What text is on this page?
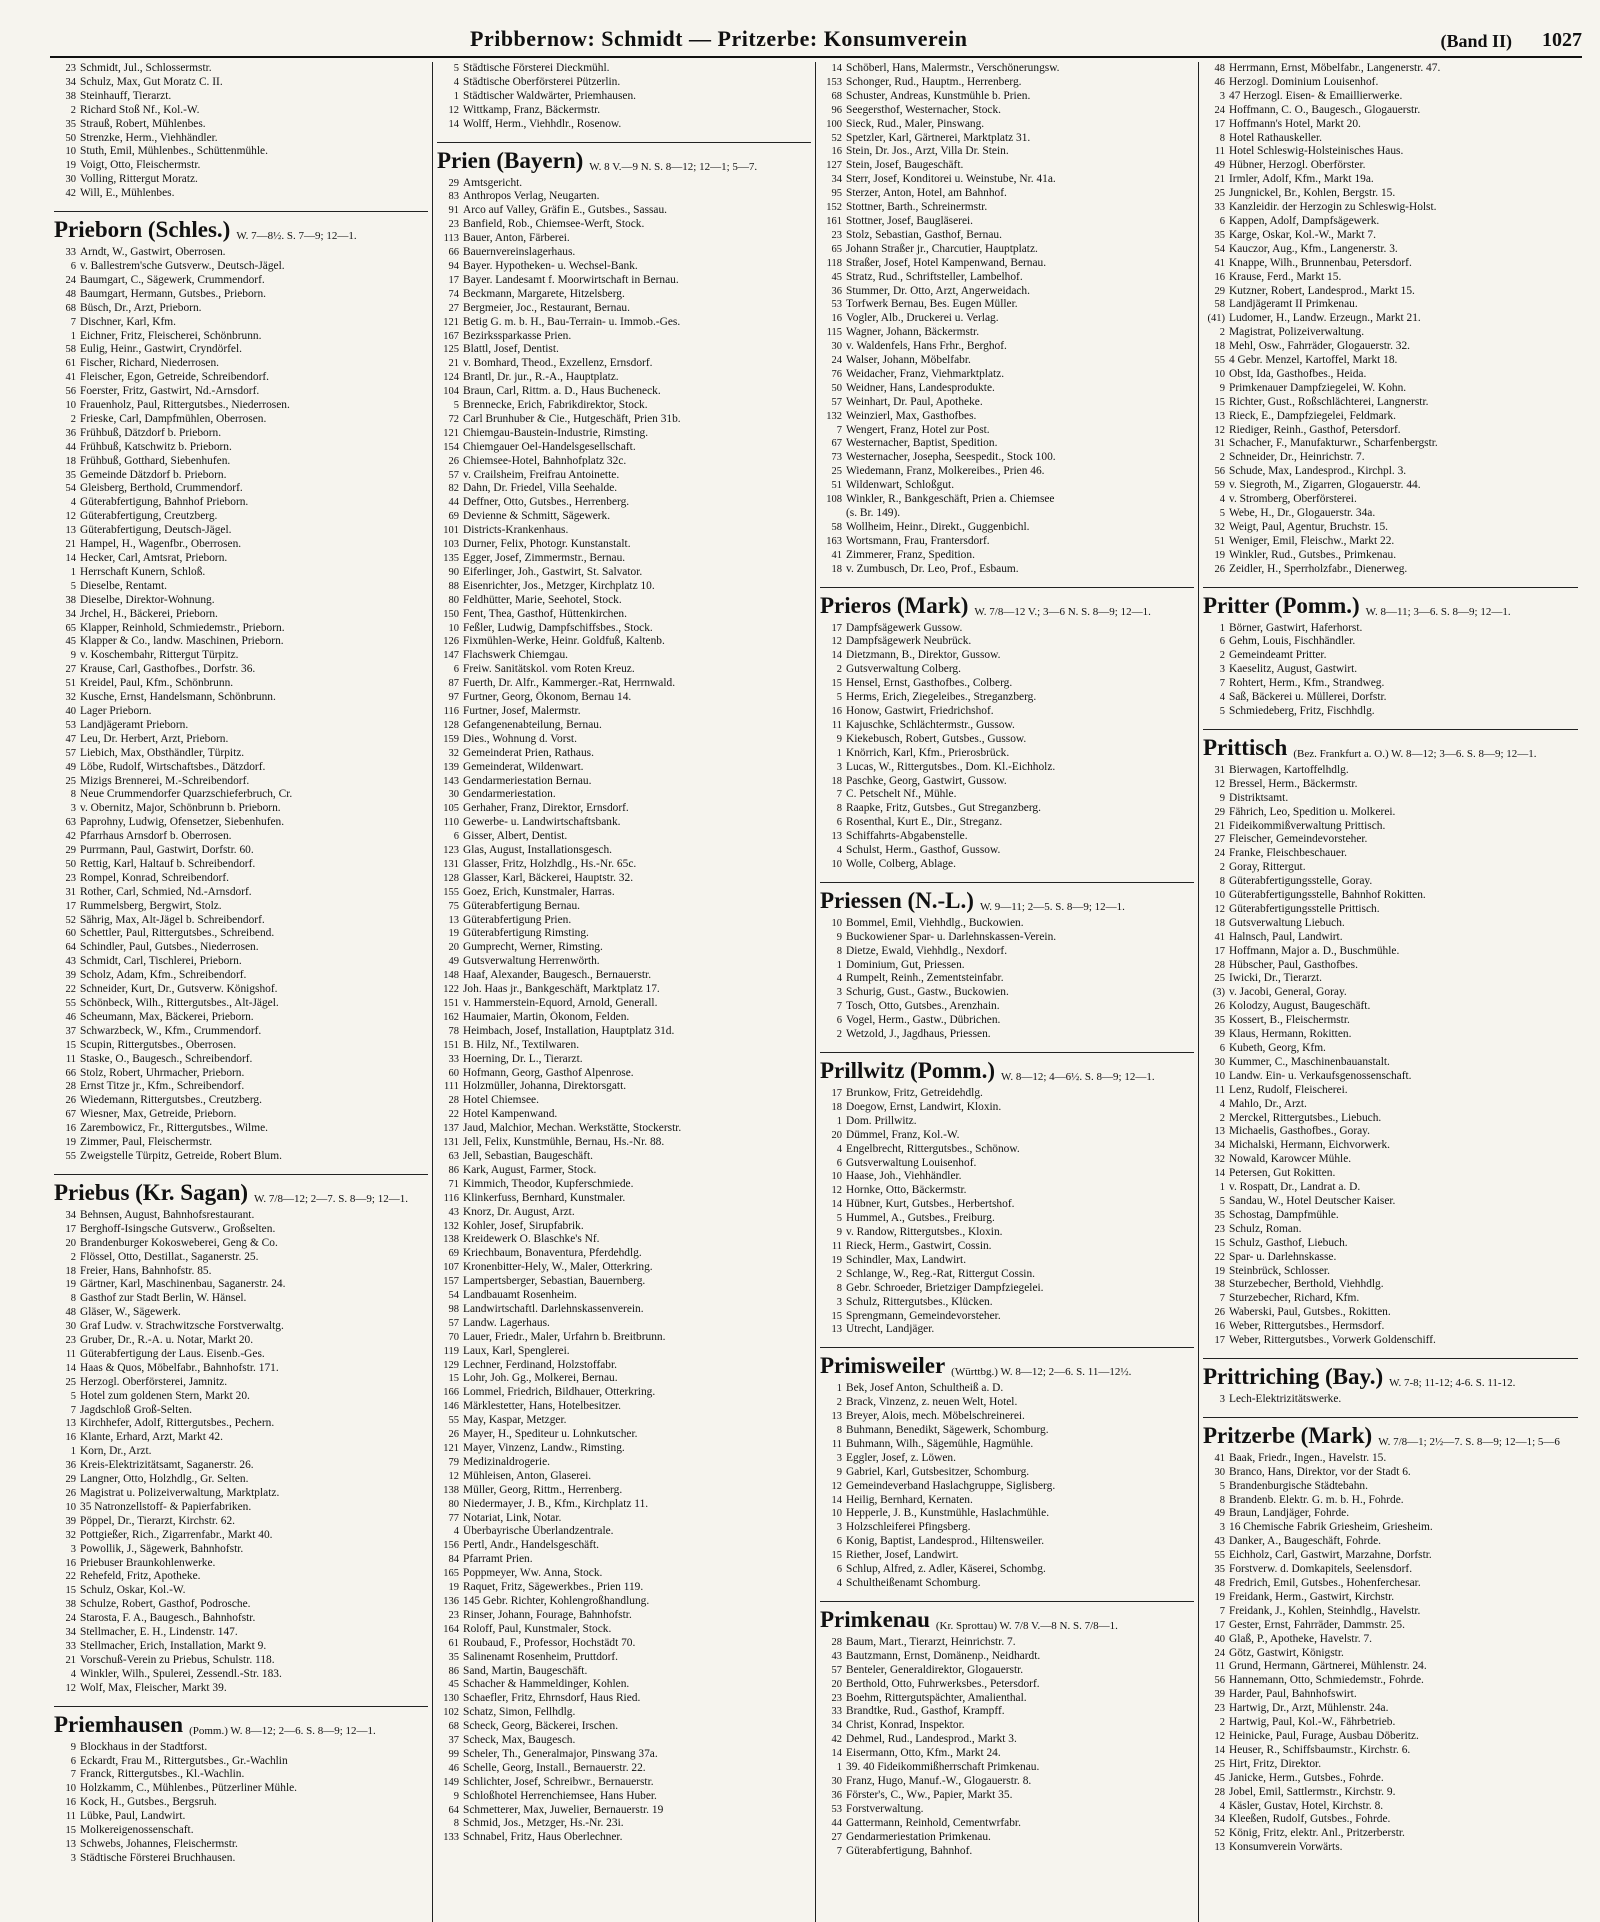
Pribbernow: Schmidt — Pritzerbe: Konsumverein	(Band II) 1027
23 Schmidt, Jul., Schlossermstr.
34 Schulz, Max, Gut Moratz C. II.
38 Steinhauff, Tierarzt.
2 Richard Stoß Nf., Kol.-W.
35 Strauß, Robert, Mühlenbes.
50 Strenzke, Herm., Viehhändler.
10 Stuth, Emil, Mühlenbes., Schüttenmühle.
19 Voigt, Otto, Fleischermstr.
30 Volling, Rittergut Moratz.
42 Will, E., Mühlenbes.
Prieborn (Schles.) W. 7—8½. S. 7—9; 12—1.
33 Arndt, W., Gastwirt, Oberrosen.
6 v. Ballestrem'sche Gutsverw., Deutsch-Jägel.
24 Baumgart, C., Sägewerk, Crummendorf.
48 Baumgart, Hermann, Gutsbes., Prieborn.
68 Büsch, Dr., Arzt, Prieborn.
7 Dischner, Karl, Kfm.
1 Eichner, Fritz, Fleischerei, Schönbrunn.
58 Eulig, Heinr., Gastwirt, Cryndörfel.
61 Fischer, Richard, Niederrosen.
41 Fleischer, Egon, Getreide, Schreibendorf.
56 Foerster, Fritz, Gastwirt, Nd.-Arnsdorf.
10 Frauenholz, Paul, Rittergutsbes., Niederrosen.
2 Frieske, Carl, Dampfmühlen, Oberrosen.
36 Frühbuß, Dätzdorf b. Prieborn.
44 Frühbuß, Katschwitz b. Prieborn.
18 Frühbuß, Gotthard, Siebenhufen.
35 Gemeinde Dätzdorf b. Prieborn.
54 Gleisberg, Berthold, Crummendorf.
4 Güterabfertigung, Bahnhof Prieborn.
12 Güterabfertigung, Creutzberg.
13 Güterabfertigung, Deutsch-Jägel.
21 Hampel, H., Wagenfbr., Oberrosen.
14 Hecker, Carl, Amtsrat, Prieborn.
1 Herrschaft Kunern, Schloß.
5 Dieselbe, Rentamt.
38 Dieselbe, Direktor-Wohnung.
34 Jrchel, H., Bäckerei, Prieborn.
65 Klapper, Reinhold, Schmiedemstr., Prieborn.
45 Klapper & Co., landw. Maschinen, Prieborn.
9 v. Koschembahr, Rittergut Türpitz.
27 Krause, Carl, Gasthofbes., Dorfstr. 36.
51 Kreidel, Paul, Kfm., Schönbrunn.
32 Kusche, Ernst, Handelsmann, Schönbrunn.
40 Lager Prieborn.
53 Landjägeramt Prieborn.
47 Leu, Dr. Herbert, Arzt, Prieborn.
57 Liebich, Max, Obsthändler, Türpitz.
49 Löbe, Rudolf, Wirtschaftsbes., Dätzdorf.
25 Mizigs Brennerei, M.-Schreibendorf.
8 Neue Crummendorfer Quarzschieferbruch, Cr.
3 v. Obernitz, Major, Schönbrunn b. Prieborn.
63 Paprohny, Ludwig, Ofensetzer, Siebenhufen.
42 Pfarrhaus Arnsdorf b. Oberrosen.
29 Purrmann, Paul, Gastwirt, Dorfstr. 60.
50 Rettig, Karl, Haltauf b. Schreibendorf.
23 Rompel, Konrad, Schreibendorf.
31 Rother, Carl, Schmied, Nd.-Arnsdorf.
17 Rummelsberg, Bergwirt, Stolz.
52 Sährig, Max, Alt-Jägel b. Schreibendorf.
60 Schettler, Paul, Rittergutsbes., Schreibend.
64 Schindler, Paul, Gutsbes., Niederrosen.
43 Schmidt, Carl, Tischlerei, Prieborn.
39 Scholz, Adam, Kfm., Schreibendorf.
22 Schneider, Kurt, Dr., Gutsverw. Königshof.
55 Schönbeck, Wilh., Rittergutsbes., Alt-Jägel.
46 Scheumann, Max, Bäckerei, Prieborn.
37 Schwarzbeck, W., Kfm., Crummendorf.
15 Scupin, Rittergutsbes., Oberrosen.
11 Staske, O., Baugesch., Schreibendorf.
66 Stolz, Robert, Uhrmacher, Prieborn.
28 Ernst Titze jr., Kfm., Schreibendorf.
26 Wiedemann, Rittergutsbes., Creutzberg.
67 Wiesner, Max, Getreide, Prieborn.
16 Zarembowicz, Fr., Rittergutsbes., Wilme.
19 Zimmer, Paul, Fleischermstr.
55 Zweigstelle Türpitz, Getreide, Robert Blum.
Priebus (Kr. Sagan) W. 7/8—12; 2—7. S. 8—9; 12—1.
34 Behnsen, August, Bahnhofsrestaurant.
17 Berghoff-Isingsche Gutsverw., Großselten.
20 Brandenburger Kokosweberei, Geng & Co.
2 Flössel, Otto, Destillat., Saganerstr. 25.
18 Freier, Hans, Bahnhofstr. 85.
19 Gärtner, Karl, Maschinenbau, Saganerstr. 24.
8 Gasthof zur Stadt Berlin, W. Hänsel.
48 Gläser, W., Sägewerk.
30 Graf Ludw. v. Strachwitzsche Forstverwaltg.
23 Gruber, Dr., R.-A. u. Notar, Markt 20.
11 Güterabfertigung der Laus. Eisenb.-Ges.
14 Haas & Quos, Möbelfabr., Bahnhofstr. 171.
25 Herzogl. Oberförsterei, Jamnitz.
5 Hotel zum goldenen Stern, Markt 20.
7 Jagdschloß Groß-Selten.
13 Kirchhefer, Adolf, Rittergutsbes., Pechern.
16 Klante, Erhard, Arzt, Markt 42.
1 Korn, Dr., Arzt.
36 Kreis-Elektrizitätsamt, Saganerstr. 26.
29 Langner, Otto, Holzhdlg., Gr. Selten.
26 Magistrat u. Polizeiverwaltung, Marktplatz.
10 35 Natronzellstoff- & Papierfabriken.
39 Pöppel, Dr., Tierarzt, Kirchstr. 62.
32 Pottgießer, Rich., Zigarrenfabr., Markt 40.
3 Powollik, J., Sägewerk, Bahnhofstr.
16 Priebuser Braunkohlenwerke.
22 Rehefeld, Fritz, Apotheke.
15 Schulz, Oskar, Kol.-W.
38 Schulze, Robert, Gasthof, Podrosche.
24 Starosta, F. A., Baugesch., Bahnhofstr.
34 Stellmacher, E. H., Lindenstr. 147.
33 Stellmacher, Erich, Installation, Markt 9.
21 Vorschuß-Verein zu Priebus, Schulstr. 118.
4 Winkler, Wilh., Spulerei, Zessendl.-Str. 183.
12 Wolf, Max, Fleischer, Markt 39.
Priemhausen (Pomm.) W. 8—12; 2—6. S. 8—9; 12—1.
9 Blockhaus in der Stadtforst.
6 Eckardt, Frau M., Rittergutsbes., Gr.-Wachlin
7 Franck, Rittergutsbes., Kl.-Wachlin.
10 Holzkamm, C., Mühlenbes., Pützerliner Mühle.
16 Kock, H., Gutsbes., Bergsruh.
11 Lübke, Paul, Landwirt.
15 Molkereigenossenschaft.
13 Schwebs, Johannes, Fleischermstr.
3 Städtische Försterei Bruchhausen.
5 Städtische Försterei Dieckmühl.
4 Städtische Oberförsterei Pützerlin.
1 Städtischer Waldwärter, Priemhausen.
12 Wittkamp, Franz, Bäckermstr.
14 Wolff, Herm., Viehhdlr., Rosenow.
Prien (Bayern) W. 8 V.—9 N. S. 8—12; 12—1; 5—7.
29 Amtsgericht.
83 Anthropos Verlag, Neugarten.
91 Arco auf Valley, Gräfin E., Gutsbes., Sassau.
23 Banfield, Rob., Chiemsee-Werft, Stock.
113 Bauer, Anton, Färberei.
66 Bauernvereinslagerhaus.
94 Bayer. Hypotheken- u. Wechsel-Bank.
17 Bayer. Landesamt f. Moorwirtschaft in Bernau.
74 Beckmann, Margarete, Hitzelsberg.
27 Bergmeier, Joc., Restaurant, Bernau.
121 Betig G. m. b. H., Bau-Terrain- u. Immob.-Ges.
167 Bezirkssparkasse Prien.
125 Blattl, Josef, Dentist.
21 v. Bomhard, Theod., Exzellenz, Ernsdorf.
124 Brantl, Dr. jur., R.-A., Hauptplatz.
104 Braun, Carl, Rittm. a. D., Haus Bucheneck.
5 Brennecke, Erich, Fabrikdirektor, Stock.
72 Carl Brunhuber & Cie., Hutgeschäft, Prien 31b.
121 Chiemgau-Baustein-Industrie, Rimsting.
154 Chiemgauer Oel-Handelsgesellschaft.
26 Chiemsee-Hotel, Bahnhofplatz 32c.
57 v. Crailsheim, Freifrau Antoinette.
82 Dahn, Dr. Friedel, Villa Seehalde.
44 Deffner, Otto, Gutsbes., Herrenberg.
69 Devienne & Schmitt, Sägewerk.
101 Districts-Krankenhaus.
103 Durner, Felix, Photogr. Kunstanstalt.
135 Egger, Josef, Zimmermstr., Bernau.
90 Eiferlinger, Joh., Gastwirt, St. Salvator.
88 Eisenrichter, Jos., Metzger, Kirchplatz 10.
80 Feldhütter, Marie, Seehotel, Stock.
150 Fent, Thea, Gasthof, Hüttenkirchen.
10 Feßler, Ludwig, Dampfschiffsbes., Stock.
126 Fixmühlen-Werke, Heinr. Goldfuß, Kaltenb.
147 Flachswerk Chiemgau.
6 Freiw. Sanitätskol. vom Roten Kreuz.
87 Fuerth, Dr. Alfr., Kammerger.-Rat, Herrnwald.
97 Furtner, Georg, Ökonom, Bernau 14.
116 Furtner, Josef, Malermstr.
128 Gefangenenabteilung, Bernau.
159 Dies., Wohnung d. Vorst.
32 Gemeinderat Prien, Rathaus.
139 Gemeinderat, Wildenwart.
143 Gendarmeriestation Bernau.
30 Gendarmeriestation.
105 Gerhaher, Franz, Direktor, Ernsdorf.
110 Gewerbe- u. Landwirtschaftsbank.
6 Gisser, Albert, Dentist.
123 Glas, August, Installationsgesch.
131 Glasser, Fritz, Holzhdlg., Hs.-Nr. 65c.
128 Glasser, Karl, Bäckerei, Hauptstr. 32.
155 Goez, Erich, Kunstmaler, Harras.
75 Güterabfertigung Bernau.
13 Güterabfertigung Prien.
19 Güterabfertigung Rimsting.
20 Gumprecht, Werner, Rimsting.
49 Gutsverwaltung Herrenwörth.
148 Haaf, Alexander, Baugesch., Bernauerstr.
122 Joh. Haas jr., Bankgeschäft, Marktplatz 17.
151 v. Hammerstein-Equord, Arnold, Generall.
162 Haumaier, Martin, Ökonom, Felden.
78 Heimbach, Josef, Installation, Hauptplatz 31d.
151 B. Hilz, Nf., Textilwaren.
33 Hoerning, Dr. L., Tierarzt.
60 Hofmann, Georg, Gasthof Alpenrose.
111 Holzmüller, Johanna, Direktorsgatt.
28 Hotel Chiemsee.
22 Hotel Kampenwand.
137 Jaud, Malchior, Mechan. Werkstätte, Stockerstr.
131 Jell, Felix, Kunstmühle, Bernau, Hs.-Nr. 88.
63 Jell, Sebastian, Baugeschäft.
86 Kark, August, Farmer, Stock.
71 Kimmich, Theodor, Kupferschmiede.
116 Klinkerfuss, Bernhard, Kunstmaler.
43 Knorz, Dr. August, Arzt.
132 Kohler, Josef, Sirupfabrik.
138 Kreidewerk O. Blaschke's Nf.
69 Kriechbaum, Bonaventura, Pferdehdlg.
107 Kronenbitter-Hely, W., Maler, Otterkring.
157 Lampertsberger, Sebastian, Bauernberg.
54 Landbauamt Rosenheim.
98 Landwirtschaftl. Darlehnskassenverein.
57 Landw. Lagerhaus.
70 Lauer, Friedr., Maler, Urfahrn b. Breitbrunn.
119 Laux, Karl, Spenglerei.
129 Lechner, Ferdinand, Holzstoffabr.
15 Lohr, Joh. Gg., Molkerei, Bernau.
166 Lommel, Friedrich, Bildhauer, Otterkring.
146 Märklestetter, Hans, Hotelbesitzer.
55 May, Kaspar, Metzger.
26 Mayer, H., Spediteur u. Lohnkutscher.
121 Mayer, Vinzenz, Landw., Rimsting.
79 Medizinaldrogerie.
12 Mühleisen, Anton, Glaserei.
138 Müller, Georg, Rittm., Herrenberg.
80 Niedermayer, J. B., Kfm., Kirchplatz 11.
77 Notariat, Link, Notar.
4 Überbayrische Überlandzentrale.
156 Pertl, Andr., Handelsgeschäft.
84 Pfarramt Prien.
165 Poppmeyer, Ww. Anna, Stock.
19 Raquet, Fritz, Sägewerkbes., Prien 119.
136 145 Gebr. Richter, Kohlengroßhandlung.
23 Rinser, Johann, Fourage, Bahnhofstr.
164 Roloff, Paul, Kunstmaler, Stock.
61 Roubaud, F., Professor, Hochstädt 70.
35 Salinenamt Rosenheim, Pruttdorf.
86 Sand, Martin, Baugeschäft.
45 Schacher & Hammeldinger, Kohlen.
130 Schaefler, Fritz, Ehrnsdorf, Haus Ried.
102 Schatz, Simon, Fellhdlg.
68 Scheck, Georg, Bäckerei, Irschen.
37 Scheck, Max, Baugesch.
99 Scheler, Th., Generalmajor, Pinswang 37a.
46 Schelle, Georg, Install., Bernauerstr. 22.
149 Schlichter, Josef, Schreibwr., Bernauerstr.
9 Schloßhotel Herrenchiemsee, Hans Huber.
64 Schmetterer, Max, Juwelier, Bernauerstr. 19
8 Schmid, Jos., Metzger, Hs.-Nr. 23i.
133 Schnabel, Fritz, Haus Oberlechner.
14 Schöberl, Hans, Malermstr., Verschönerungsw.
153 Schonger, Rud., Hauptm., Herrenberg.
68 Schuster, Andreas, Kunstmühle b. Prien.
96 Seegersthof, Westernacher, Stock.
100 Sieck, Rud., Maler, Pinswang.
52 Spetzler, Karl, Gärtnerei, Marktplatz 31.
16 Stein, Dr. Jos., Arzt, Villa Dr. Stein.
127 Stein, Josef, Baugeschäft.
34 Sterr, Josef, Konditorei u. Weinstube, Nr. 41a.
95 Sterzer, Anton, Hotel, am Bahnhof.
152 Stottner, Barth., Schreinermstr.
161 Stottner, Josef, Baugläserei.
23 Stolz, Sebastian, Gasthof, Bernau.
65 Johann Straßer jr., Charcutier, Hauptplatz.
118 Straßer, Josef, Hotel Kampenwand, Bernau.
45 Stratz, Rud., Schriftsteller, Lambelhof.
36 Stummer, Dr. Otto, Arzt, Angerweidach.
53 Torfwerk Bernau, Bes. Eugen Müller.
16 Vogler, Alb., Druckerei u. Verlag.
115 Wagner, Johann, Bäckermstr.
30 v. Waldenfels, Hans Frhr., Berghof.
24 Walser, Johann, Möbelfabr.
76 Weidacher, Franz, Viehmarktplatz.
50 Weidner, Hans, Landesprodukte.
57 Weinhart, Dr. Paul, Apotheke.
132 Weinzierl, Max, Gasthofbes.
7 Wengert, Franz, Hotel zur Post.
67 Westernacher, Baptist, Spedition.
73 Westernacher, Josepha, Seespedit., Stock 100.
25 Wiedemann, Franz, Molkereibes., Prien 46.
51 Wildenwart, Schloßgut.
108 Winkler, R., Bankgeschäft, Prien a. Chiemsee
(s. Br. 149).
58 Wollheim, Heinr., Direkt., Guggenbichl.
163 Wortsmann, Frau, Frantersdorf.
41 Zimmerer, Franz, Spedition.
18 v. Zumbusch, Dr. Leo, Prof., Esbaum.
Prieros (Mark) W. 7/8—12 V.; 3—6 N. S. 8—9; 12—1.
17 Dampfsägewerk Gussow.
12 Dampfsägewerk Neubrück.
14 Dietzmann, B., Direktor, Gussow.
2 Gutsverwaltung Colberg.
15 Hensel, Ernst, Gasthofbes., Colberg.
5 Herms, Erich, Ziegeleibes., Streganzberg.
16 Honow, Gastwirt, Friedrichshof.
11 Kajuschke, Schlächtermstr., Gussow.
9 Kiekebusch, Robert, Gutsbes., Gussow.
1 Knörrich, Karl, Kfm., Prierosbrück.
3 Lucas, W., Rittergutsbes., Dom. Kl.-Eichholz.
18 Paschke, Georg, Gastwirt, Gussow.
7 C. Petschelt Nf., Mühle.
8 Raapke, Fritz, Gutsbes., Gut Streganzberg.
6 Rosenthal, Kurt E., Dir., Streganz.
13 Schiffahrts-Abgabenstelle.
4 Schulst, Herm., Gasthof, Gussow.
10 Wolle, Colberg, Ablage.
Priessen (N.-L.) W. 9—11; 2—5. S. 8—9; 12—1.
10 Bommel, Emil, Viehhdlg., Buckowien.
9 Buckowiener Spar- u. Darlehnskassen-Verein.
8 Dietze, Ewald, Viehhdlg., Nexdorf.
1 Dominium, Gut, Priessen.
4 Rumpelt, Reinh., Zementsteinfabr.
3 Schurig, Gust., Gastw., Buckowien.
7 Tosch, Otto, Gutsbes., Arenzhain.
6 Vogel, Herm., Gastw., Dübrichen.
2 Wetzold, J., Jagdhaus, Priessen.
Prillwitz (Pomm.) W. 8—12; 4—6½. S. 8—9; 12—1.
17 Brunkow, Fritz, Getreidehdlg.
18 Doegow, Ernst, Landwirt, Kloxin.
1 Dom. Prillwitz.
20 Dümmel, Franz, Kol.-W.
4 Engelbrecht, Rittergutsbes., Schönow.
6 Gutsverwaltung Louisenhof.
10 Haase, Joh., Viehhändler.
12 Hornke, Otto, Bäckermstr.
14 Hübner, Kurt, Gutsbes., Herbertshof.
5 Hummel, A., Gutsbes., Freiburg.
9 v. Randow, Rittergutsbes., Kloxin.
11 Rieck, Herm., Gastwirt, Cossin.
19 Schindler, Max, Landwirt.
2 Schlange, W., Reg.-Rat, Rittergut Cossin.
8 Gebr. Schroeder, Brietziger Dampfziegelei.
3 Schulz, Rittergutsbes., Klücken.
15 Sprengmann, Gemeindevorsteher.
13 Utrecht, Landjäger.
Primisweiler (Württbg.) W. 8—12; 2—6. S. 11—12½.
1 Bek, Josef Anton, Schultheiß a. D.
2 Brack, Vinzenz, z. neuen Welt, Hotel.
13 Breyer, Alois, mech. Möbelschreinerei.
8 Buhmann, Benedikt, Sägewerk, Schomburg.
11 Buhmann, Wilh., Sägemühle, Hagmühle.
3 Eggler, Josef, z. Löwen.
9 Gabriel, Karl, Gutsbesitzer, Schomburg.
12 Gemeindeverband Haslachgruppe, Siglisberg.
14 Heilig, Bernhard, Kernaten.
10 Hepperle, J. B., Kunstmühle, Haslachmühle.
3 Holzschleiferei Pfingsberg.
6 Konig, Baptist, Landesprod., Hiltensweiler.
15 Riether, Josef, Landwirt.
6 Schlup, Alfred, z. Adler, Käserei, Schombg.
4 Schultheißenamt Schomburg.
Primkenau (Kr. Sprottau) W. 7/8 V.—8 N. S. 7/8—1.
28 Baum, Mart., Tierarzt, Heinrichstr. 7.
43 Bautzmann, Ernst, Domänenp., Neidhardt.
57 Benteler, Generaldirektor, Glogauerstr.
20 Berthold, Otto, Fuhrwerksbes., Petersdorf.
23 Boehm, Rittergutspächter, Amalienthal.
33 Brandtke, Rud., Gasthof, Krampff.
34 Christ, Konrad, Inspektor.
42 Dehmel, Rud., Landesprod., Markt 3.
14 Eisermann, Otto, Kfm., Markt 24.
1 39. 40 Fideikommißherrschaft Primkenau.
30 Franz, Hugo, Manuf.-W., Glogauerstr. 8.
36 Förster's, C., Ww., Papier, Markt 35.
53 Forstverwaltung.
44 Gattermann, Reinhold, Cementwrfabr.
27 Gendarmeriestation Primkenau.
7 Güterabfertigung, Bahnhof.
48 Herrmann, Ernst, Möbelfabr., Langenerstr. 47.
46 Herzogl. Dominium Louisenhof.
3 47 Herzogl. Eisen- & Emaillierwerke.
24 Hoffmann, C. O., Baugesch., Glogauerstr.
17 Hoffmann's Hotel, Markt 20.
8 Hotel Rathauskeller.
11 Hotel Schleswig-Holsteinisches Haus.
49 Hübner, Herzogl. Oberförster.
21 Irmler, Adolf, Kfm., Markt 19a.
25 Jungnickel, Br., Kohlen, Bergstr. 15.
33 Kanzleidir. der Herzogin zu Schleswig-Holst.
6 Kappen, Adolf, Dampfsägewerk.
35 Karge, Oskar, Kol.-W., Markt 7.
54 Kauczor, Aug., Kfm., Langenerstr. 3.
41 Knappe, Wilh., Brunnenbau, Petersdorf.
16 Krause, Ferd., Markt 15.
29 Kutzner, Robert, Landesprod., Markt 15.
58 Landjägeramt II Primkenau.
(41) Ludomer, H., Landw. Erzeugn., Markt 21.
2 Magistrat, Polizeiverwaltung.
18 Mehl, Osw., Fahrräder, Glogauerstr. 32.
55 4 Gebr. Menzel, Kartoffel, Markt 18.
10 Obst, Ida, Gasthofbes., Heida.
9 Primkenauer Dampfziegelei, W. Kohn.
15 Richter, Gust., Roßschlächterei, Langnerstr.
13 Rieck, E., Dampfziegelei, Feldmark.
12 Riediger, Reinh., Gasthof, Petersdorf.
31 Schacher, F., Manufakturwr., Scharfenbergstr.
2 Schneider, Dr., Heinrichstr. 7.
56 Schude, Max, Landesprod., Kirchpl. 3.
59 v. Siegroth, M., Zigarren, Glogauerstr. 44.
4 v. Stromberg, Oberförsterei.
5 Webe, H., Dr., Glogauerstr. 34a.
32 Weigt, Paul, Agentur, Bruchstr. 15.
51 Weniger, Emil, Fleischw., Markt 22.
19 Winkler, Rud., Gutsbes., Primkenau.
26 Zeidler, H., Sperrholzfabr., Dienerweg.
Pritter (Pomm.) W. 8—11; 3—6. S. 8—9; 12—1.
1 Börner, Gastwirt, Haferhorst.
6 Gehm, Louis, Fischhändler.
2 Gemeindeamt Pritter.
3 Kaeselitz, August, Gastwirt.
7 Rohtert, Herm., Kfm., Strandweg.
4 Saß, Bäckerei u. Müllerei, Dorfstr.
5 Schmiedeberg, Fritz, Fischhdlg.
Prittisch (Bez. Frankfurt a. O.) W. 8—12; 3—6. S. 8—9; 12—1.
31 Bierwagen, Kartoffelhdlg.
12 Bressel, Herm., Bäckermstr.
9 Distriktsamt.
29 Fährich, Leo, Spedition u. Molkerei.
21 Fideikommißverwaltung Prittisch.
27 Fleischer, Gemeindevorsteher.
24 Franke, Fleischbeschauer.
2 Goray, Rittergut.
8 Güterabfertigungsstelle, Goray.
10 Güterabfertigungsstelle, Bahnhof Rokitten.
12 Güterabfertigungsstelle Prittisch.
18 Gutsverwaltung Liebuch.
41 Halnsch, Paul, Landwirt.
17 Hoffmann, Major a. D., Buschmühle.
28 Hübscher, Paul, Gasthofbes.
25 Iwicki, Dr., Tierarzt.
(3) v. Jacobi, General, Goray.
26 Kolodzy, August, Baugeschäft.
35 Kossert, B., Fleischermstr.
39 Klaus, Hermann, Rokitten.
6 Kubeth, Georg, Kfm.
30 Kummer, C., Maschinenbauanstalt.
10 Landw. Ein- u. Verkaufsgenossenschaft.
11 Lenz, Rudolf, Fleischerei.
4 Mahlo, Dr., Arzt.
2 Merckel, Rittergutsbes., Liebuch.
13 Michaelis, Gasthofbes., Goray.
34 Michalski, Hermann, Eichvorwerk.
32 Nowald, Karowcer Mühle.
14 Petersen, Gut Rokitten.
1 v. Rospatt, Dr., Landrat a. D.
5 Sandau, W., Hotel Deutscher Kaiser.
35 Schostag, Dampfmühle.
23 Schulz, Roman.
15 Schulz, Gasthof, Liebuch.
22 Spar- u. Darlehnskasse.
19 Steinbrück, Schlosser.
38 Sturzebecher, Berthold, Viehhdlg.
7 Sturzebecher, Richard, Kfm.
26 Waberski, Paul, Gutsbes., Rokitten.
16 Weber, Rittergutsbes., Hermsdorf.
17 Weber, Rittergutsbes., Vorwerk Goldenschiff.
Prittriching (Bay.) W. 7-8; 11-12; 4-6. S. 11-12.
3 Lech-Elektrizitätswerke.
Pritzerbe (Mark) W. 7/8—1; 2½—7. S. 8—9; 12—1; 5—6
41 Baak, Friedr., Ingen., Havelstr. 15.
30 Branco, Hans, Direktor, vor der Stadt 6.
5 Brandenburgische Städtebahn.
8 Brandenb. Elektr. G. m. b. H., Fohrde.
49 Braun, Landjäger, Fohrde.
3 16 Chemische Fabrik Griesheim, Griesheim.
43 Danker, A., Baugeschäft, Fohrde.
55 Eichholz, Carl, Gastwirt, Marzahne, Dorfstr.
35 Forstverw. d. Domkapitels, Seelensdorf.
48 Fredrich, Emil, Gutsbes., Hohenferchesar.
19 Freidank, Herm., Gastwirt, Kirchstr.
7 Freidank, J., Kohlen, Steinhdlg., Havelstr.
17 Gester, Ernst, Fahrräder, Dammstr. 25.
40 Glaß, P., Apotheke, Havelstr. 7.
24 Götz, Gastwirt, Königstr.
11 Grund, Hermann, Gärtnerei, Mühlenstr. 24.
56 Hannemann, Otto, Schmiedemstr., Fohrde.
39 Harder, Paul, Bahnhofswirt.
23 Hartwig, Dr., Arzt, Mühlenstr. 24a.
2 Hartwig, Paul, Kol.-W., Fährbetrieb.
12 Heinicke, Paul, Furage, Ausbau Döberitz.
14 Heuser, R., Schiffsbaumstr., Kirchstr. 6.
25 Hirt, Fritz, Direktor.
45 Janicke, Herm., Gutsbes., Fohrde.
28 Jobel, Emil, Sattlermstr., Kirchstr. 9.
4 Käsler, Gustav, Hotel, Kirchstr. 8.
34 Kleeßen, Rudolf, Gutsbes., Fohrde.
52 König, Fritz, elektr. Anl., Pritzerberstr.
13 Konsumverein Vorwärts.
